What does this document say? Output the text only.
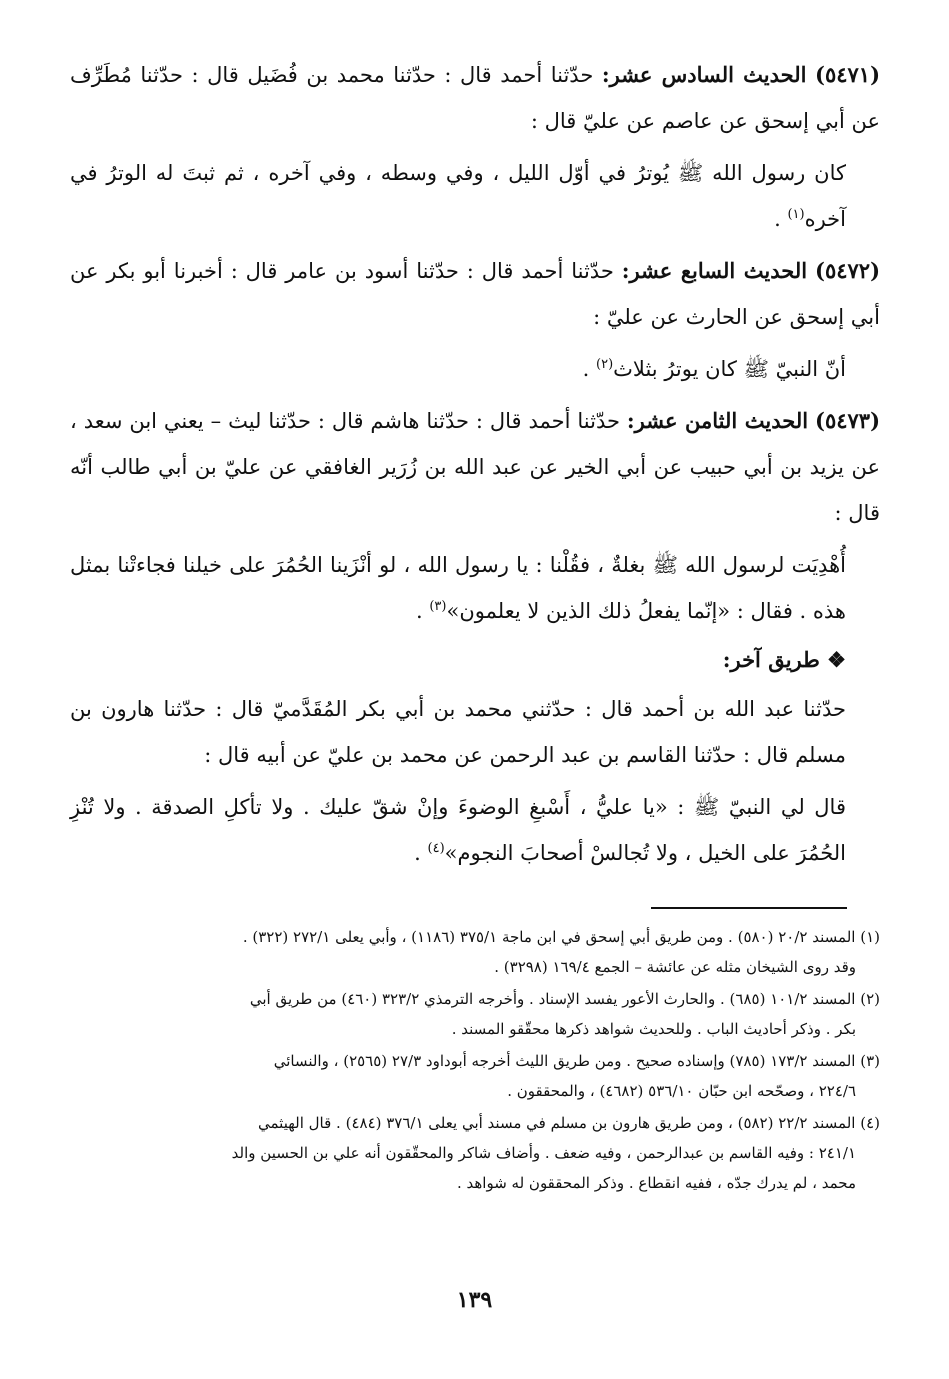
(٥٤٧١) الحديث السادس عشر: حدّثنا أحمد قال : حدّثنا محمد بن فُضَيل قال : حدّثنا مُطَرِّف عن أبي إسحق عن عاصم عن عليّ قال :

كان رسول الله ﷺ يُوترُ في أوّل الليل ، وفي وسطه ، وفي آخره ، ثم ثبتَ له الوترُ في آخره$^{(١)}$ .

(٥٤٧٢) الحديث السابع عشر: حدّثنا أحمد قال : حدّثنا أسود بن عامر قال : أخبرنا أبو بكر عن أبي إسحق عن الحارث عن عليّ :

أنّ النبيّ ﷺ كان يوترُ بثلاث$^{(٢)}$ .

(٥٤٧٣) الحديث الثامن عشر: حدّثنا أحمد قال : حدّثنا هاشم قال : حدّثنا ليث – يعني ابن سعد ، عن يزيد بن أبي حبيب عن أبي الخير عن عبد الله بن زُرَير الغافقي عن عليّ بن أبي طالب أنّه قال :

أُهْدِيَت لرسول الله ﷺ بغلةٌ ، فقُلْنا : يا رسول الله ، لو أنْزَينا الحُمُرَ على خيلنا فجاءتْنا بمثل هذه . فقال : «إنّما يفعلُ ذلك الذين لا يعلمون»$^{(٣)}$ .

❖ طريق آخر:

حدّثنا عبد الله بن أحمد قال : حدّثني محمد بن أبي بكر المُقَدَّميّ قال : حدّثنا هارون بن مسلم قال : حدّثنا القاسم بن عبد الرحمن عن محمد بن عليّ عن أبيه قال :

قال لي النبيّ ﷺ : «يا عليُّ ، أَسْبغِ الوضوءَ وإنْ شقّ عليك . ولا تأكلِ الصدقة . ولا تُنْزِ الحُمُرَ على الخيل ، ولا تُجالسْ أصحابَ النجوم»$^{(٤)}$ .

(١) المسند ٢٠/٢ (٥٨٠) . ومن طريق أبي إسحق في ابن ماجة ٣٧٥/١ (١١٨٦) ، وأبي يعلى ٢٧٢/١ (٣٢٢) .
وقد روى الشيخان مثله عن عائشة – الجمع ١٦٩/٤ (٣٢٩٨) .
(٢) المسند ١٠١/٢ (٦٨٥) . والحارث الأعور يفسد الإسناد . وأخرجه الترمذي ٣٢٣/٢ (٤٦٠) من طريق أبي
بكر . وذكر أحاديث الباب . وللحديث شواهد ذكرها محقّقو المسند .
(٣) المسند ١٧٣/٢ (٧٨٥) وإسناده صحيح . ومن طريق الليث أخرجه أبوداود ٢٧/٣ (٢٥٦٥) ، والنسائي
٢٢٤/٦ ، وصحّحه ابن حبّان ٥٣٦/١٠ (٤٦٨٢) ، والمحققون .
(٤) المسند ٢٢/٢ (٥٨٢) ، ومن طريق هارون بن مسلم في مسند أبي يعلى ٣٧٦/١ (٤٨٤) . قال الهيثمي
٢٤١/١ : وفيه القاسم بن عبدالرحمن ، وفيه ضعف . وأضاف شاكر والمحقّقون أنه علي بن الحسين والد
محمد ، لم يدرك جدّه ، ففيه انقطاع . وذكر المحققون له شواهد .
١٣٩
